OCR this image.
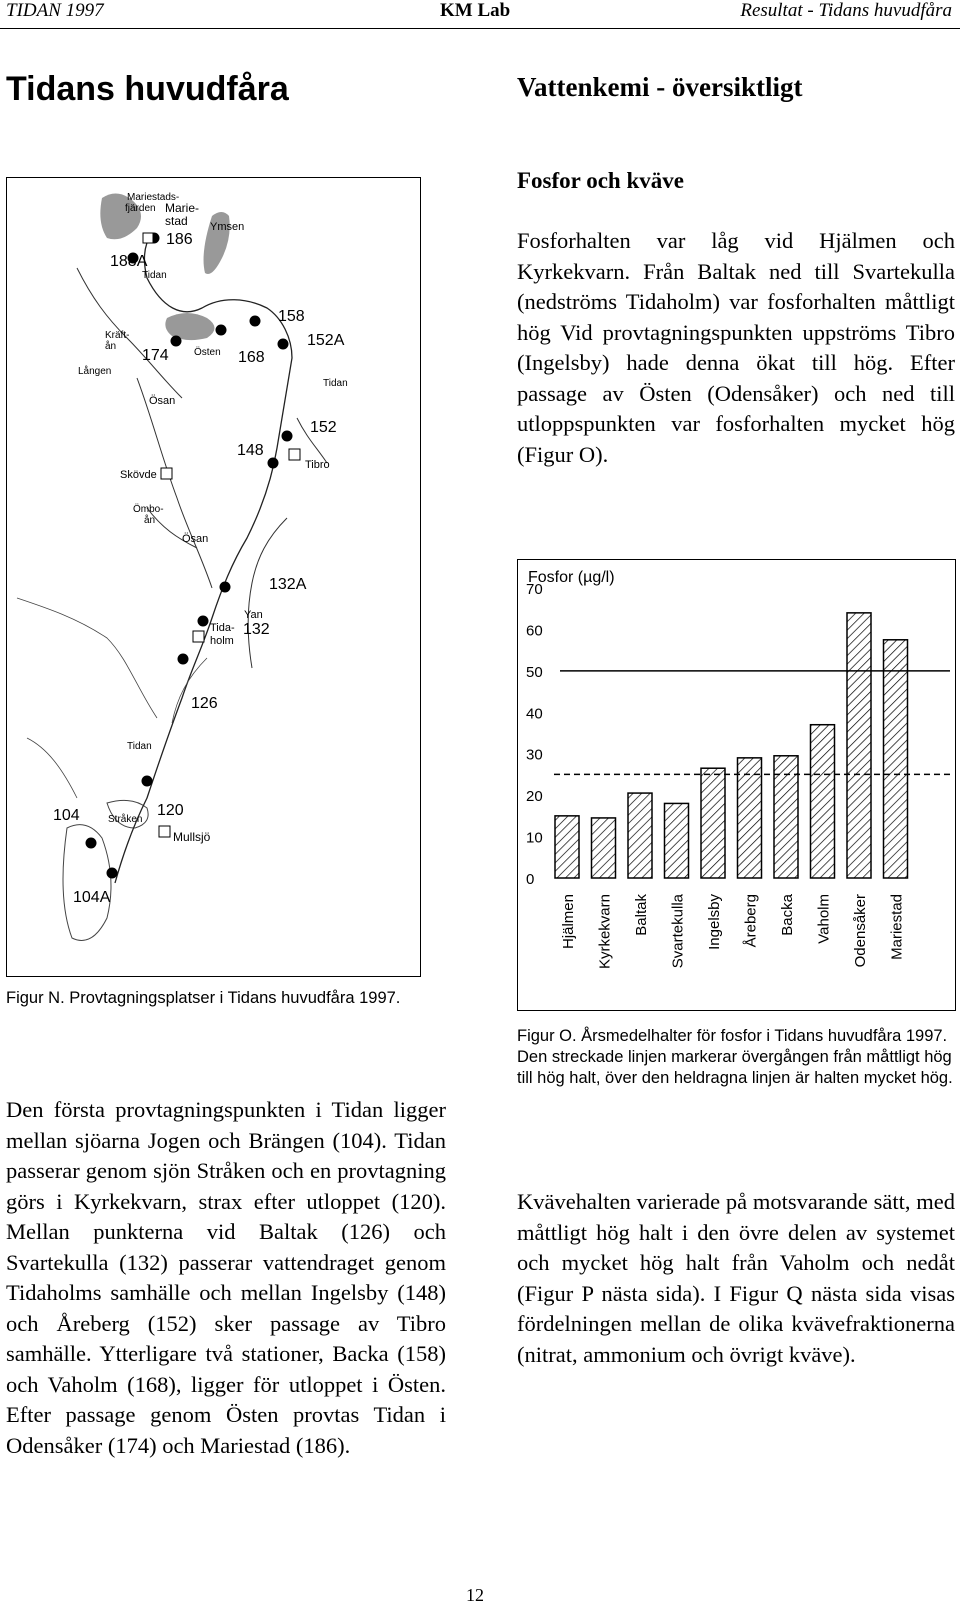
TIDAN 1997	KM Lab	Resultat - Tidans huvudfåra
Tidans huvudfåra	Vattenkemi - översiktligt
Fosfor och kväve

Fosforhalten var låg vid Hjälmen och Kyrkekvarn. Från Baltak ned till Svartekulla (nedströms Tidaholm) var fosforhalten måttligt hög Vid provtagningspunkten uppströms Tibro (Ingelsby) hade denna ökat till hög. Efter passage av Östen (Odensåker) och ned till utloppspunkten var fosforhalten mycket hög (Figur O).

Mariestads-
fjärden Marie-
stad Ymsen
186
188A
Tidan
Kräft-
ån
Lången
174	Östen 168
158
152A
Ösan
Tidan
152
148
Tibro
Skövde
Ömbo-
ån
Ösan
132A
Yan
132
Tida-
holm
126
Tidan
104	Stråken
120
Mullsjö
104A
Figur N. Provtagningsplatser i Tidans huvudfåra 1997.
Fosfor (µg/l)
0
10
20
30
40
50
60
70
Hjälmen Kyrkekvarn Baltak Svartekulla Ingelsby Åreberg Backa Vaholm Odensåker Mariestad
Figur O. Årsmedelhalter för fosfor i Tidans huvudfåra 1997. Den streckade linjen markerar övergången från måttligt hög till hög halt, över den heldragna linjen är halten mycket hög.

Den första provtagningspunkten i Tidan ligger mellan sjöarna Jogen och Brängen (104). Tidan passerar genom sjön Stråken och en provtagning görs i Kyrkekvarn, strax efter utloppet (120). Mellan punkterna vid Baltak (126) och Svartekulla (132) passerar vattendraget genom Tidaholms samhälle och mellan Ingelsby (148) och Åreberg (152) sker passage av Tibro samhälle. Ytterligare två stationer, Backa (158) och Vaholm (168), ligger för utloppet i Östen. Efter passage genom Östen provtas Tidan i Odensåker (174) och Mariestad (186).

Kvävehalten varierade på motsvarande sätt, med måttligt hög halt i den övre delen av systemet och mycket hög halt från Vaholm och nedåt (Figur P nästa sida). I Figur Q nästa sida visas fördelningen mellan de olika kvävefraktionerna (nitrat, ammonium och övrigt kväve).

12
